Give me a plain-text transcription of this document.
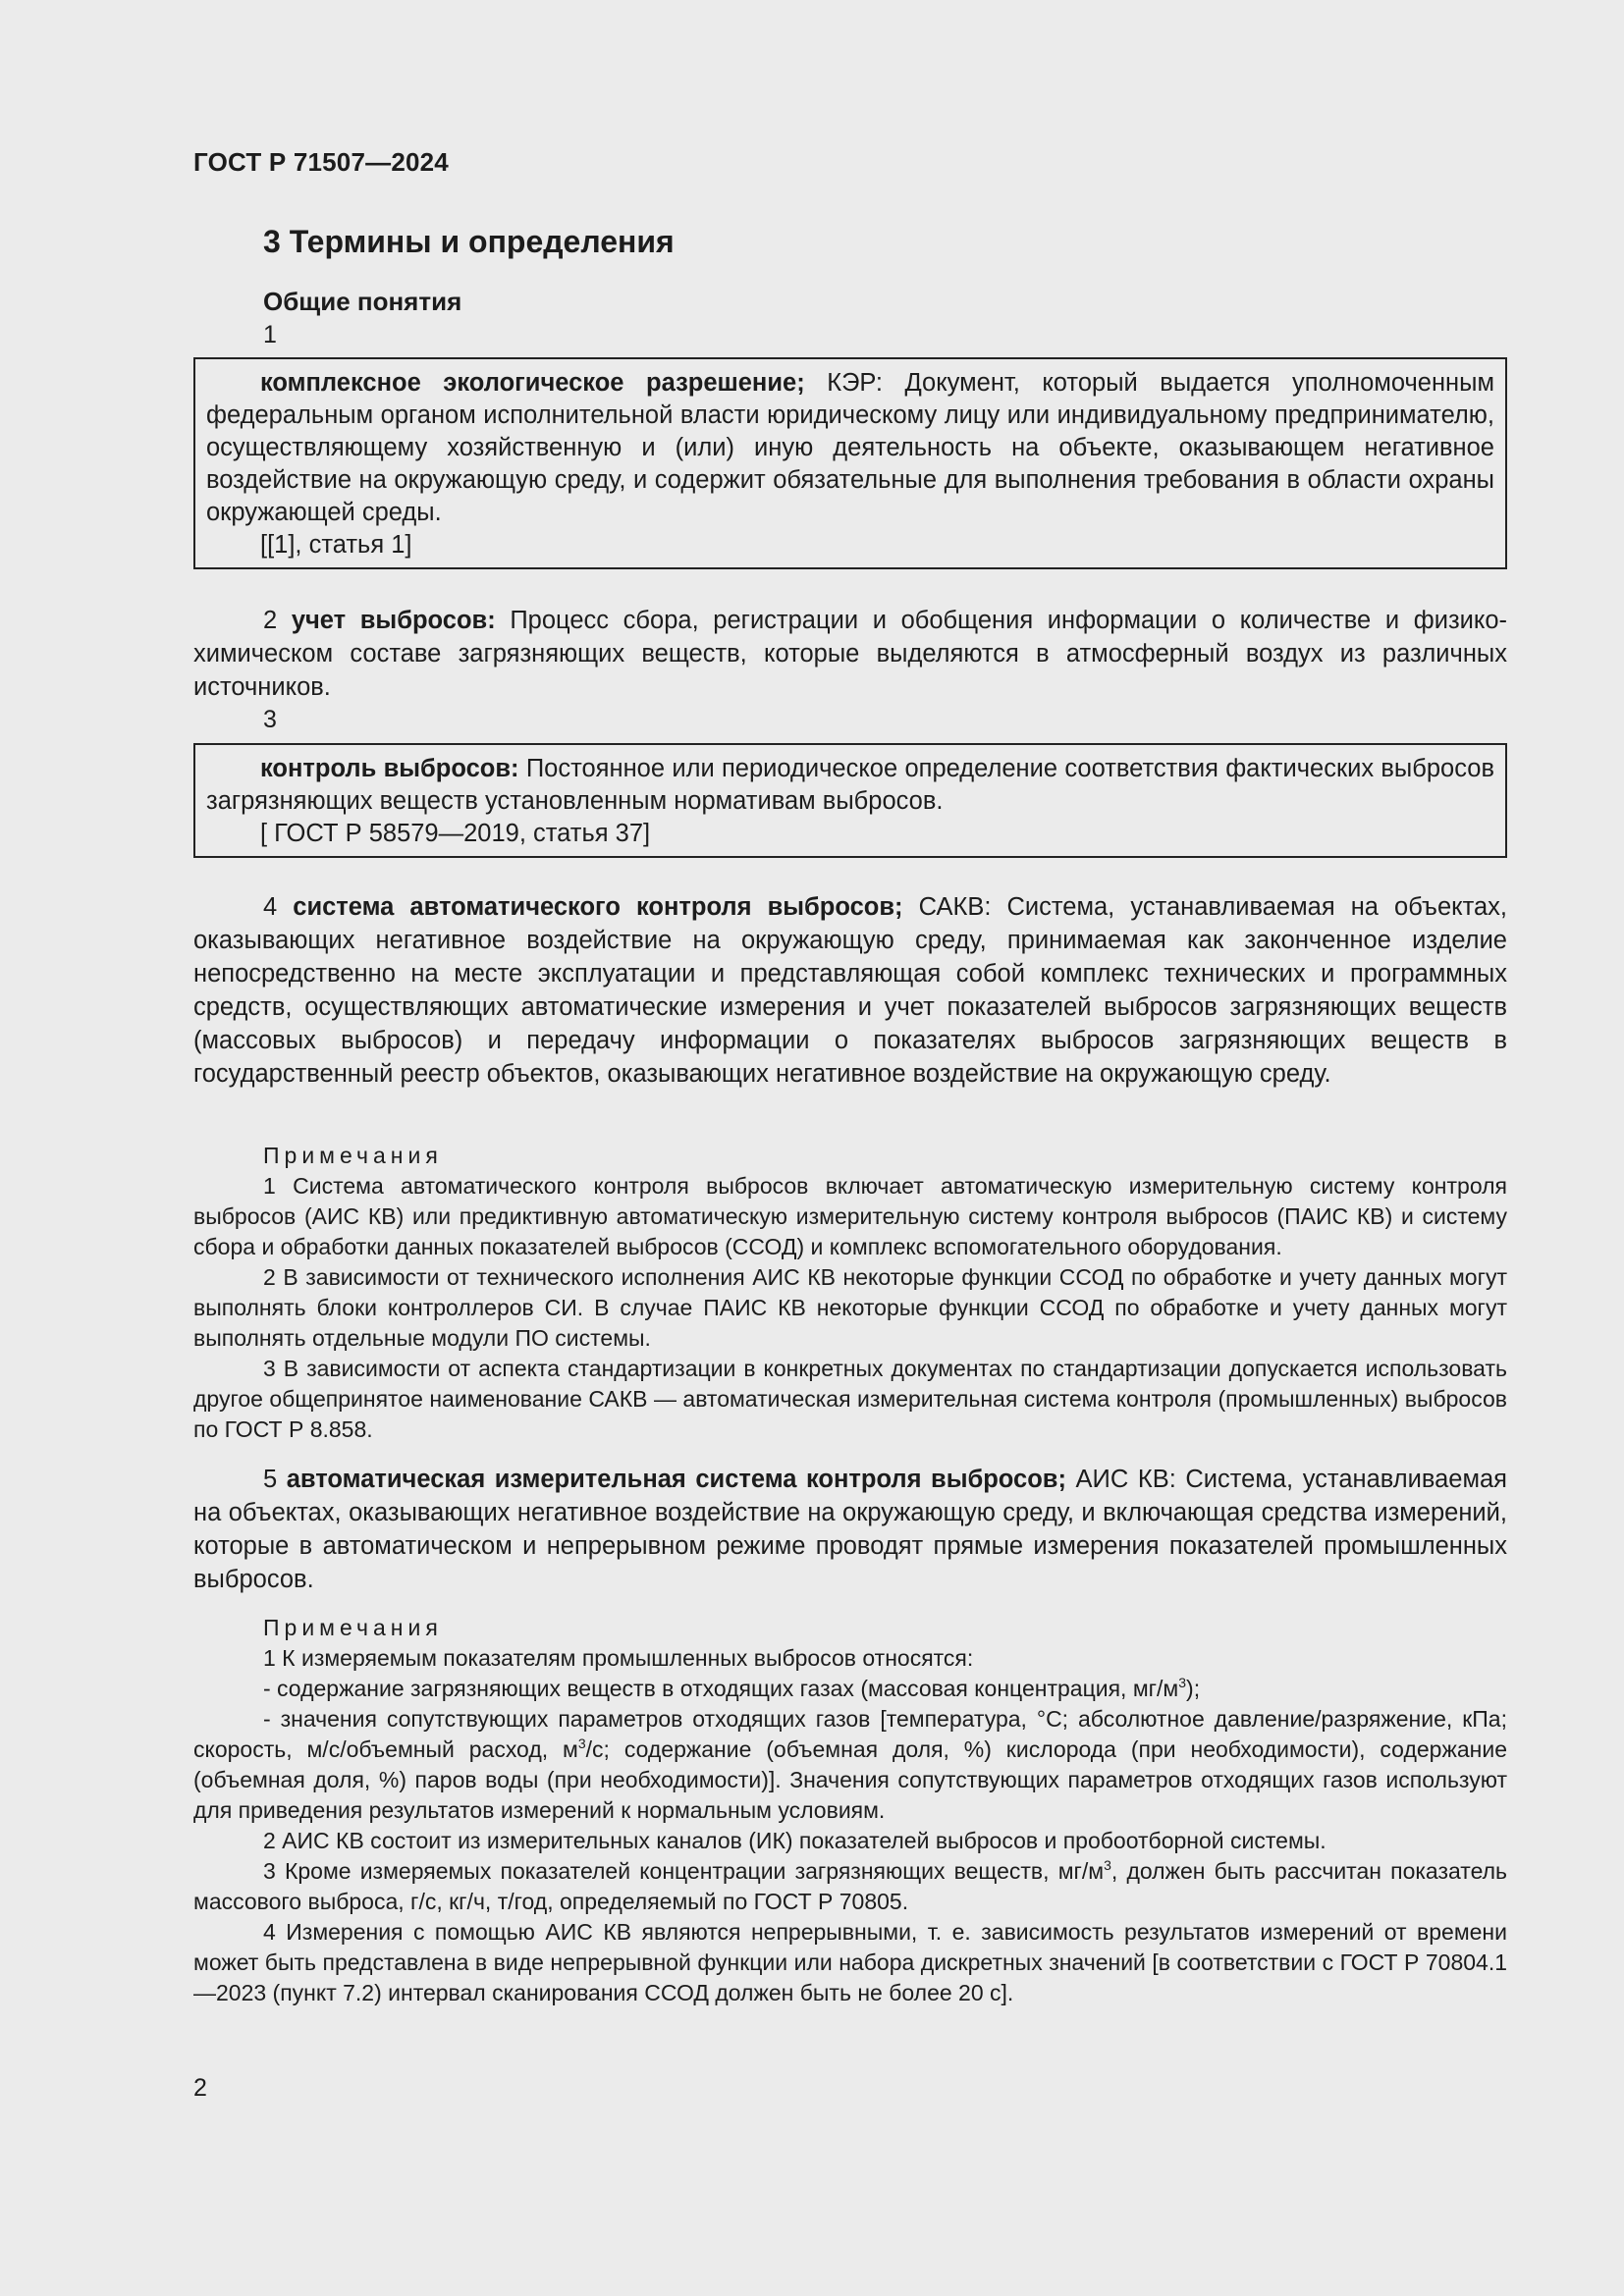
ГОСТ Р 71507—2024
3 Термины и определения
Общие понятия
1

комплексное экологическое разрешение; КЭР: Документ, который выдается уполномоченным федеральным органом исполнительной власти юридическому лицу или индивидуальному предпринимателю, осуществляющему хозяйственную и (или) иную деятельность на объекте, оказывающем негативное воздействие на окружающую среду, и содержит обязательные для выполнения требования в области охраны окружающей среды.

[[1], статья 1]

2 учет выбросов: Процесс сбора, регистрации и обобщения информации о количестве и физико-химическом составе загрязняющих веществ, которые выделяются в атмосферный воздух из различных источников.

3

контроль выбросов: Постоянное или периодическое определение соответствия фактических выбросов загрязняющих веществ установленным нормативам выбросов.

[ ГОСТ Р 58579—2019, статья 37]

4 система автоматического контроля выбросов; САКВ: Система, устанавливаемая на объектах, оказывающих негативное воздействие на окружающую среду, принимаемая как законченное изделие непосредственно на месте эксплуатации и представляющая собой комплекс технических и программных средств, осуществляющих автоматические измерения и учет показателей выбросов загрязняющих веществ (массовых выбросов) и передачу информации о показателях выбросов загрязняющих веществ в государственный реестр объектов, оказывающих негативное воздействие на окружающую среду.

Примечания

1 Система автоматического контроля выбросов включает автоматическую измерительную систему контроля выбросов (АИС КВ) или предиктивную автоматическую измерительную систему контроля выбросов (ПАИС КВ) и систему сбора и обработки данных показателей выбросов (ССОД) и комплекс вспомогательного оборудования.

2 В зависимости от технического исполнения АИС КВ некоторые функции ССОД по обработке и учету данных могут выполнять блоки контроллеров СИ. В случае ПАИС КВ некоторые функции ССОД по обработке и учету данных могут выполнять отдельные модули ПО системы.

3 В зависимости от аспекта стандартизации в конкретных документах по стандартизации допускается использовать другое общепринятое наименование САКВ — автоматическая измерительная система контроля (промышленных) выбросов по ГОСТ Р 8.858.

5 автоматическая измерительная система контроля выбросов; АИС КВ: Система, устанавливаемая на объектах, оказывающих негативное воздействие на окружающую среду, и включающая средства измерений, которые в автоматическом и непрерывном режиме проводят прямые измерения показателей промышленных выбросов.

Примечания

1 К измеряемым показателям промышленных выбросов относятся:

- содержание загрязняющих веществ в отходящих газах (массовая концентрация, $мг/м^3$);

- значения сопутствующих параметров отходящих газов [температура, °С; абсолютное давление/разряжение, кПа; скорость, м/с/объемный расход, $м^3/с$; содержание (объемная доля, %) кислорода (при необходимости), содержание (объемная доля, %) паров воды (при необходимости)]. Значения сопутствующих параметров отходящих газов используют для приведения результатов измерений к нормальным условиям.

2 АИС КВ состоит из измерительных каналов (ИК) показателей выбросов и пробоотборной системы.

3 Кроме измеряемых показателей концентрации загрязняющих веществ, $мг/м^3$, должен быть рассчитан показатель массового выброса, г/с, кг/ч, т/год, определяемый по ГОСТ Р 70805.

4 Измерения с помощью АИС КВ являются непрерывными, т. е. зависимость результатов измерений от времени может быть представлена в виде непрерывной функции или набора дискретных значений [в соответствии с ГОСТ Р 70804.1—2023 (пункт 7.2) интервал сканирования ССОД должен быть не более 20 с].

2
